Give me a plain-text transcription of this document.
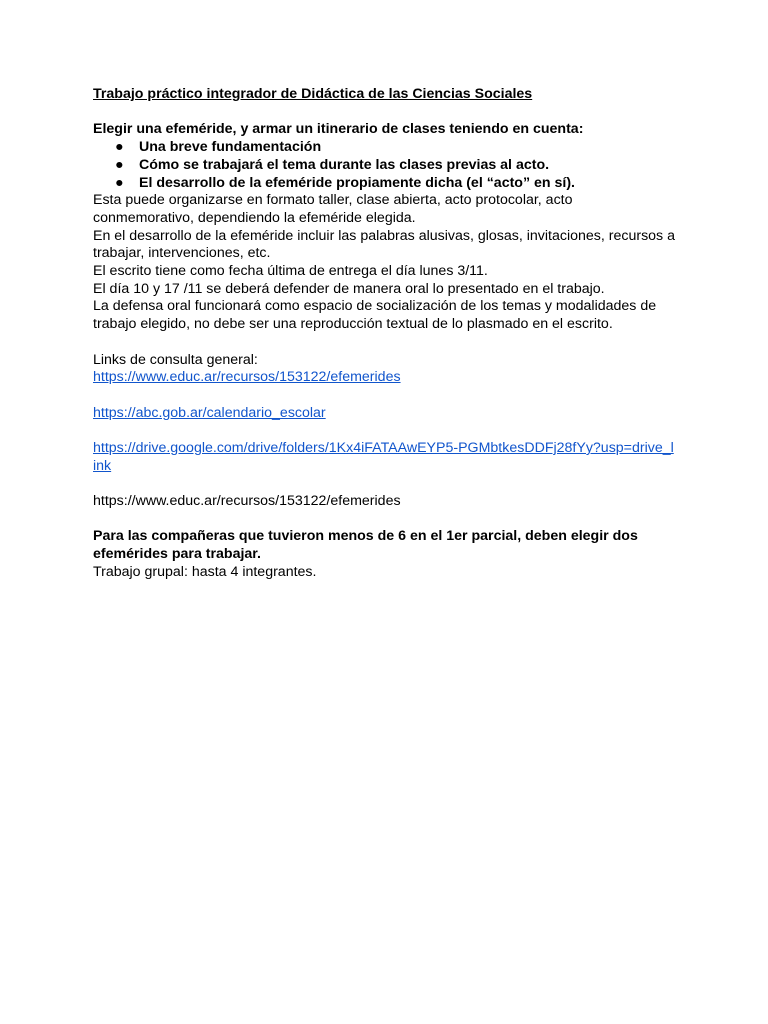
Trabajo práctico integrador de Didáctica de las Ciencias Sociales
Elegir una efeméride, y armar un itinerario de clases teniendo en cuenta:
● Una breve fundamentación
● Cómo se trabajará el tema durante las clases previas al acto.
● El desarrollo de la efeméride propiamente dicha (el “acto” en sí).
Esta puede organizarse en formato taller, clase abierta, acto protocolar, acto
conmemorativo, dependiendo la efeméride elegida.
En el desarrollo de la efeméride incluir las palabras alusivas, glosas, invitaciones, recursos a
trabajar, intervenciones, etc.
El escrito tiene como fecha última de entrega el día lunes 3/11.
El día 10 y 17 /11 se deberá defender de manera oral lo presentado en el trabajo.
La defensa oral funcionará como espacio de socialización de los temas y modalidades de
trabajo elegido, no debe ser una reproducción textual de lo plasmado en el escrito.
Links de consulta general:
https://www.educ.ar/recursos/153122/efemerides
https://abc.gob.ar/calendario_escolar
https://drive.google.com/drive/folders/1Kx4iFATAAwEYP5-PGMbtkesDDFj28fYy?usp=drive_l
ink
https://www.educ.ar/recursos/153122/efemerides
Para las compañeras que tuvieron menos de 6 en el 1er parcial, deben elegir dos
efemérides para trabajar.
Trabajo grupal: hasta 4 integrantes.
